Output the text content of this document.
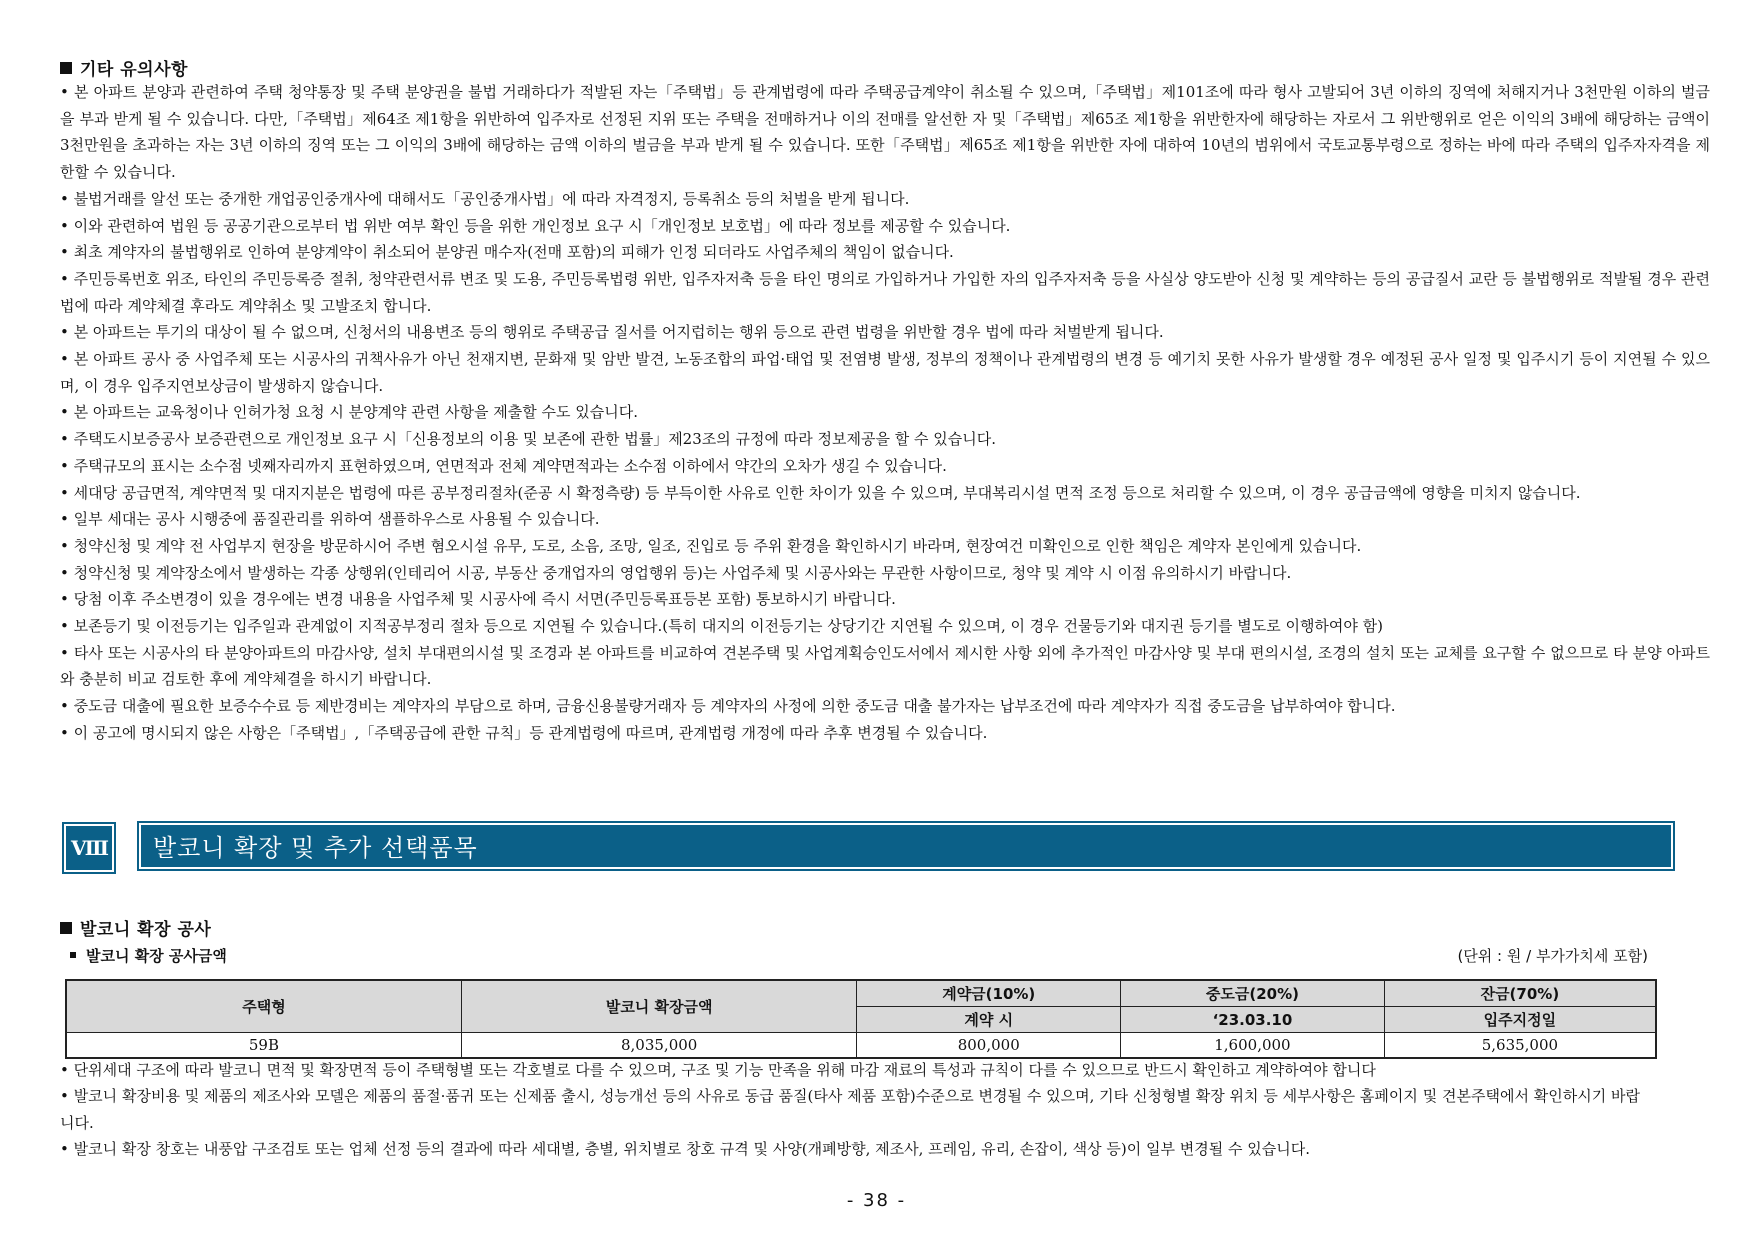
기타 유의사항

• 본 아파트 분양과 관련하여 주택 청약통장 및 주택 분양권을 불법 거래하다가 적발된 자는「주택법」등 관계법령에 따라 주택공급계약이 취소될 수 있으며,「주택법」제101조에 따라 형사 고발되어 3년 이하의 징역에 처해지거나 3천만원 이하의 벌금을 부과 받게 될 수 있습니다. 다만,「주택법」제64조 제1항을 위반하여 입주자로 선정된 지위 또는 주택을 전매하거나 이의 전매를 알선한 자 및「주택법」제65조 제1항을 위반한자에 해당하는 자로서 그 위반행위로 얻은 이익의 3배에 해당하는 금액이 3천만원을 초과하는 자는 3년 이하의 징역 또는 그 이익의 3배에 해당하는 금액 이하의 벌금을 부과 받게 될 수 있습니다. 또한「주택법」제65조 제1항을 위반한 자에 대하여 10년의 범위에서 국토교통부령으로 정하는 바에 따라 주택의 입주자자격을 제한할 수 있습니다.

• 불법거래를 알선 또는 중개한 개업공인중개사에 대해서도「공인중개사법」에 따라 자격정지, 등록취소 등의 처벌을 받게 됩니다.

• 이와 관련하여 법원 등 공공기관으로부터 법 위반 여부 확인 등을 위한 개인정보 요구 시「개인정보 보호법」에 따라 정보를 제공할 수 있습니다.

• 최초 계약자의 불법행위로 인하여 분양계약이 취소되어 분양권 매수자(전매 포함)의 피해가 인정 되더라도 사업주체의 책임이 없습니다.

• 주민등록번호 위조, 타인의 주민등록증 절취, 청약관련서류 변조 및 도용, 주민등록법령 위반, 입주자저축 등을 타인 명의로 가입하거나 가입한 자의 입주자저축 등을 사실상 양도받아 신청 및 계약하는 등의 공급질서 교란 등 불법행위로 적발될 경우 관련법에 따라 계약체결 후라도 계약취소 및 고발조치 합니다.

• 본 아파트는 투기의 대상이 될 수 없으며, 신청서의 내용변조 등의 행위로 주택공급 질서를 어지럽히는 행위 등으로 관련 법령을 위반할 경우 법에 따라 처벌받게 됩니다.

• 본 아파트 공사 중 사업주체 또는 시공사의 귀책사유가 아닌 천재지변, 문화재 및 암반 발견, 노동조합의 파업·태업 및 전염병 발생, 정부의 정책이나 관계법령의 변경 등 예기치 못한 사유가 발생할 경우 예정된 공사 일정 및 입주시기 등이 지연될 수 있으며, 이 경우 입주지연보상금이 발생하지 않습니다.

• 본 아파트는 교육청이나 인허가청 요청 시 분양계약 관련 사항을 제출할 수도 있습니다.

• 주택도시보증공사 보증관련으로 개인정보 요구 시「신용정보의 이용 및 보존에 관한 법률」제23조의 규정에 따라 정보제공을 할 수 있습니다.

• 주택규모의 표시는 소수점 넷째자리까지 표현하였으며, 연면적과 전체 계약면적과는 소수점 이하에서 약간의 오차가 생길 수 있습니다.

• 세대당 공급면적, 계약면적 및 대지지분은 법령에 따른 공부정리절차(준공 시 확정측량) 등 부득이한 사유로 인한 차이가 있을 수 있으며, 부대복리시설 면적 조정 등으로 처리할 수 있으며, 이 경우 공급금액에 영향을 미치지 않습니다.

• 일부 세대는 공사 시행중에 품질관리를 위하여 샘플하우스로 사용될 수 있습니다.

• 청약신청 및 계약 전 사업부지 현장을 방문하시어 주변 혐오시설 유무, 도로, 소음, 조망, 일조, 진입로 등 주위 환경을 확인하시기 바라며, 현장여건 미확인으로 인한 책임은 계약자 본인에게 있습니다.

• 청약신청 및 계약장소에서 발생하는 각종 상행위(인테리어 시공, 부동산 중개업자의 영업행위 등)는 사업주체 및 시공사와는 무관한 사항이므로, 청약 및 계약 시 이점 유의하시기 바랍니다.

• 당첨 이후 주소변경이 있을 경우에는 변경 내용을 사업주체 및 시공사에 즉시 서면(주민등록표등본 포함) 통보하시기 바랍니다.

• 보존등기 및 이전등기는 입주일과 관계없이 지적공부정리 절차 등으로 지연될 수 있습니다.(특히 대지의 이전등기는 상당기간 지연될 수 있으며, 이 경우 건물등기와 대지권 등기를 별도로 이행하여야 함)

• 타사 또는 시공사의 타 분양아파트의 마감사양, 설치 부대편의시설 및 조경과 본 아파트를 비교하여 견본주택 및 사업계획승인도서에서 제시한 사항 외에 추가적인 마감사양 및 부대 편의시설, 조경의 설치 또는 교체를 요구할 수 없으므로 타 분양 아파트와 충분히 비교 검토한 후에 계약체결을 하시기 바랍니다.

• 중도금 대출에 필요한 보증수수료 등 제반경비는 계약자의 부담으로 하며, 금융신용불량거래자 등 계약자의 사정에 의한 중도금 대출 불가자는 납부조건에 따라 계약자가 직접 중도금을 납부하여야 합니다.

• 이 공고에 명시되지 않은 사항은「주택법」,「주택공급에 관한 규칙」등 관계법령에 따르며, 관계법령 개정에 따라 추후 변경될 수 있습니다.

Ⅷ	발코니 확장 및 추가 선택품목
발코니 확장 공사
발코니 확장 공사금액	(단위 : 원 / 부가가치세 포함)
주택형	발코니 확장금액	계약금(10%)	중도금(20%)	잔금(70%)
		계약 시	‘23.03.10	입주지정일
59B	8,035,000	800,000	1,600,000	5,635,000

• 단위세대 구조에 따라 발코니 면적 및 확장면적 등이 주택형별 또는 각호별로 다를 수 있으며, 구조 및 기능 만족을 위해 마감 재료의 특성과 규칙이 다를 수 있으므로 반드시 확인하고 계약하여야 합니다

• 발코니 확장비용 및 제품의 제조사와 모델은 제품의 품절·품귀 또는 신제품 출시, 성능개선 등의 사유로 동급 품질(타사 제품 포함)수준으로 변경될 수 있으며, 기타 신청형별 확장 위치 등 세부사항은 홈페이지 및 견본주택에서 확인하시기 바랍니다.

• 발코니 확장 창호는 내풍압 구조검토 또는 업체 선정 등의 결과에 따라 세대별, 층별, 위치별로 창호 규격 및 사양(개폐방향, 제조사, 프레임, 유리, 손잡이, 색상 등)이 일부 변경될 수 있습니다.

- 38 -
